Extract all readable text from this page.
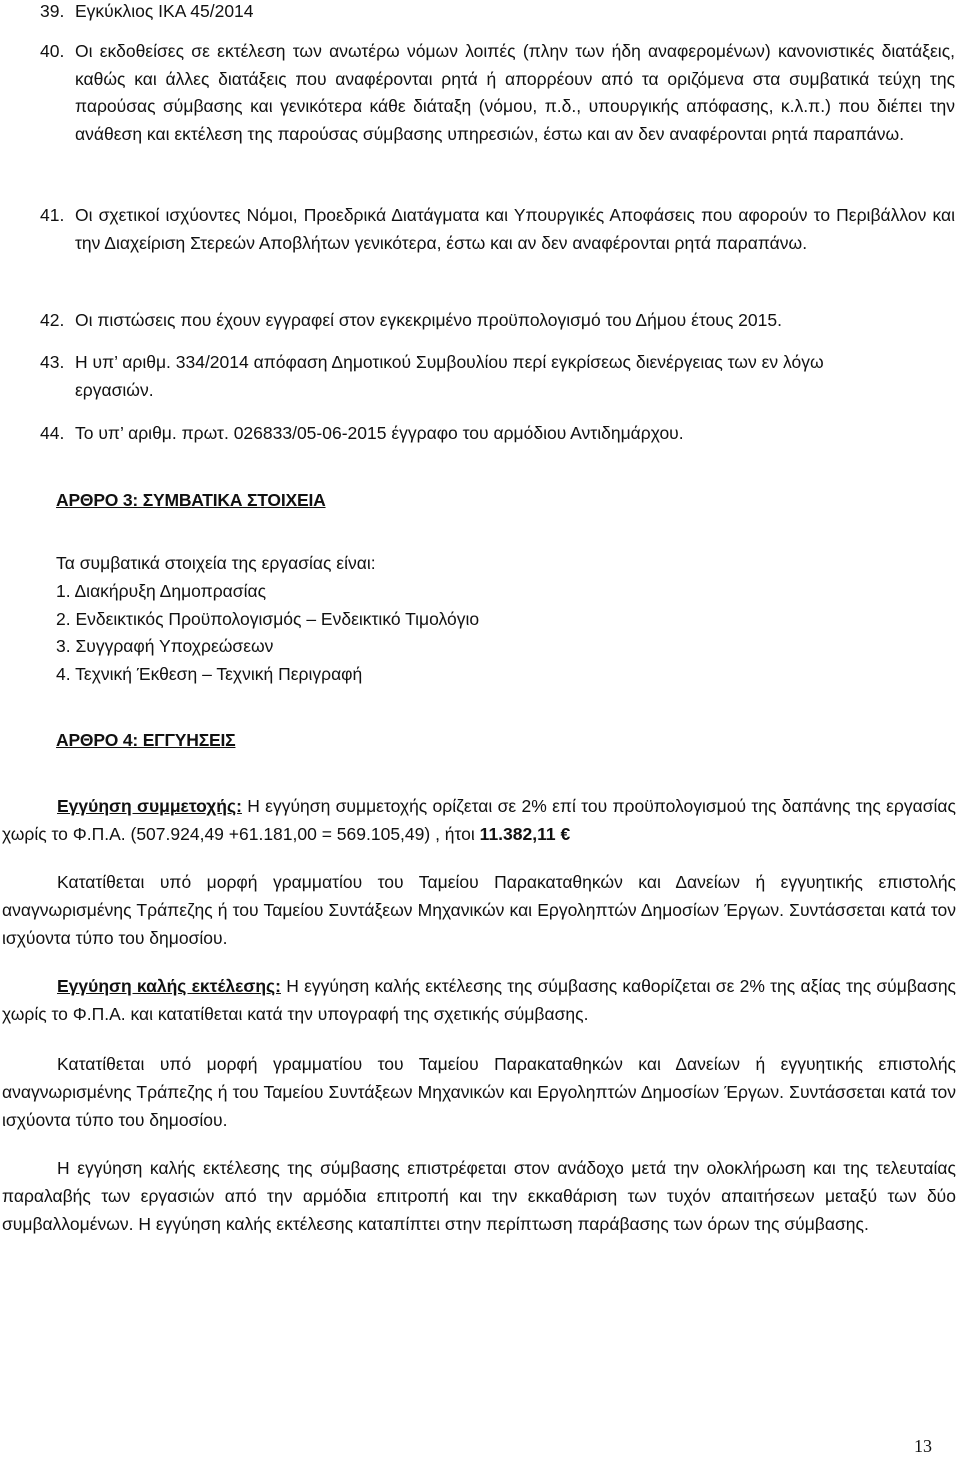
39. Εγκύκλιος ΙΚΑ 45/2014
40. Οι εκδοθείσες σε εκτέλεση των ανωτέρω νόμων λοιπές (πλην των ήδη αναφερομένων) κανονιστικές διατάξεις, καθώς και άλλες διατάξεις που αναφέρονται ρητά ή απορρέουν από τα οριζόμενα στα συμβατικά τεύχη της παρούσας σύμβασης και γενικότερα κάθε διάταξη (νόμου, π.δ., υπουργικής απόφασης, κ.λ.π.) που διέπει την ανάθεση και εκτέλεση της παρούσας σύμβασης υπηρεσιών, έστω και αν δεν αναφέρονται ρητά παραπάνω.
41. Οι σχετικοί ισχύοντες Νόμοι, Προεδρικά Διατάγματα και Υπουργικές Αποφάσεις που αφορούν το Περιβάλλον και την Διαχείριση Στερεών Αποβλήτων γενικότερα, έστω και αν δεν αναφέρονται ρητά παραπάνω.
42. Οι πιστώσεις που έχουν εγγραφεί στον εγκεκριμένο προϋπολογισμό του Δήμου έτους 2015.
43. Η υπ’ αριθμ. 334/2014 απόφαση Δημοτικού Συμβουλίου περί εγκρίσεως διενέργειας των εν λόγω εργασιών.
44. Το υπ’ αριθμ. πρωτ. 026833/05-06-2015 έγγραφο του αρμόδιου Αντιδημάρχου.
ΑΡΘΡΟ 3: ΣΥΜΒΑΤΙΚΑ ΣΤΟΙΧΕΙΑ
Τα συμβατικά στοιχεία της εργασίας είναι:
1. Διακήρυξη Δημοπρασίας
2. Ενδεικτικός Προϋπολογισμός – Ενδεικτικό Τιμολόγιο
3. Συγγραφή Υποχρεώσεων
4. Τεχνική Έκθεση – Τεχνική Περιγραφή
ΑΡΘΡΟ 4: ΕΓΓΥΗΣΕΙΣ
Εγγύηση συμμετοχής: Η εγγύηση συμμετοχής ορίζεται σε 2% επί του προϋπολογισμού της δαπάνης της εργασίας χωρίς το Φ.Π.Α. (507.924,49 +61.181,00 = 569.105,49) , ήτοι 11.382,11 €
Κατατίθεται υπό μορφή γραμματίου του Ταμείου Παρακαταθηκών και Δανείων ή εγγυητικής επιστολής αναγνωρισμένης Τράπεζης ή του Ταμείου Συντάξεων Μηχανικών και Εργοληπτών Δημοσίων Έργων. Συντάσσεται κατά τον ισχύοντα τύπο του δημοσίου.
Εγγύηση καλής εκτέλεσης: Η εγγύηση καλής εκτέλεσης της σύμβασης καθορίζεται σε 2% της αξίας της σύμβασης χωρίς το Φ.Π.Α. και κατατίθεται κατά την υπογραφή της σχετικής σύμβασης.
Κατατίθεται υπό μορφή γραμματίου του Ταμείου Παρακαταθηκών και Δανείων ή εγγυητικής επιστολής αναγνωρισμένης Τράπεζης ή του Ταμείου Συντάξεων Μηχανικών και Εργοληπτών Δημοσίων Έργων. Συντάσσεται κατά τον ισχύοντα τύπο του δημοσίου.
Η εγγύηση καλής εκτέλεσης της σύμβασης επιστρέφεται στον ανάδοχο μετά την ολοκλήρωση και της τελευταίας παραλαβής των εργασιών από την αρμόδια επιτροπή και την εκκαθάριση των τυχόν απαιτήσεων μεταξύ των δύο συμβαλλομένων. Η εγγύηση καλής εκτέλεσης καταπίπτει στην περίπτωση παράβασης των όρων της σύμβασης.
13
